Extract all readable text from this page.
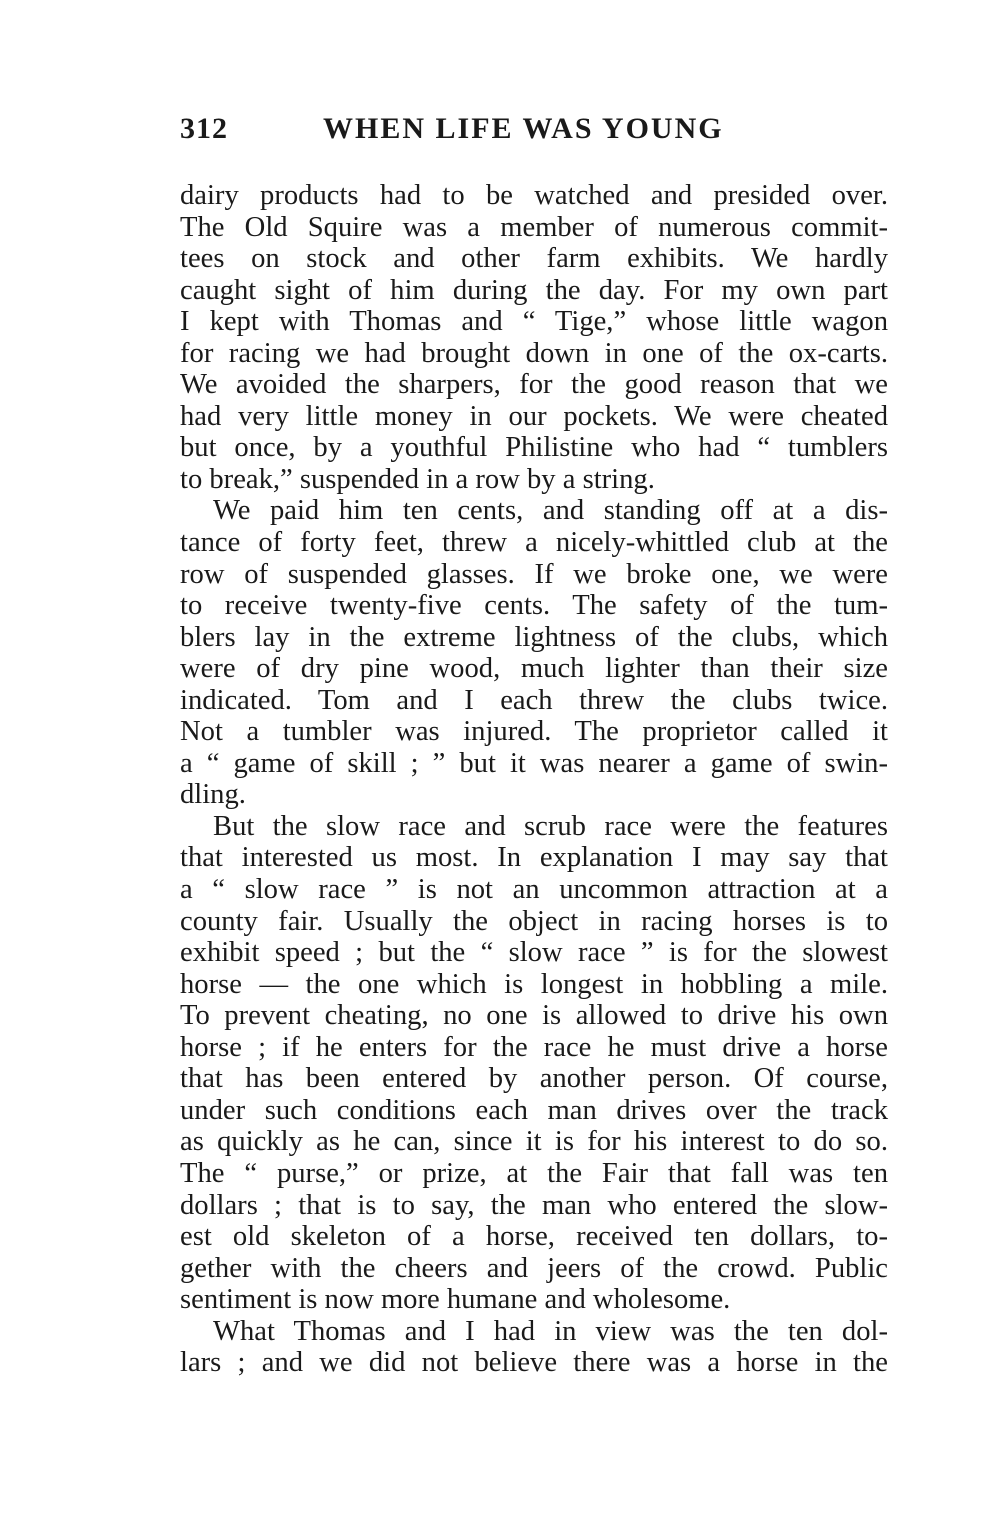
312	WHEN LIFE WAS YOUNG
dairy products had to be watched and presided over.
The Old Squire was a member of numerous commit-
tees on stock and other farm exhibits. We hardly
caught sight of him during the day. For my own part
I kept with Thomas and “ Tige,” whose little wagon
for racing we had brought down in one of the ox-carts.
We avoided the sharpers, for the good reason that we
had very little money in our pockets. We were cheated
but once, by a youthful Philistine who had “ tumblers
to break,” suspended in a row by a string.
We paid him ten cents, and standing off at a dis-
tance of forty feet, threw a nicely-whittled club at the
row of suspended glasses. If we broke one, we were
to receive twenty-five cents. The safety of the tum-
blers lay in the extreme lightness of the clubs, which
were of dry pine wood, much lighter than their size
indicated. Tom and I each threw the clubs twice.
Not a tumbler was injured. The proprietor called it
a “ game of skill ; ” but it was nearer a game of swin-
dling.
But the slow race and scrub race were the features
that interested us most. In explanation I may say that
a “ slow race ” is not an uncommon attraction at a
county fair. Usually the object in racing horses is to
exhibit speed ; but the “ slow race ” is for the slowest
horse — the one which is longest in hobbling a mile.
To prevent cheating, no one is allowed to drive his own
horse ; if he enters for the race he must drive a horse
that has been entered by another person. Of course,
under such conditions each man drives over the track
as quickly as he can, since it is for his interest to do so.
The “ purse,” or prize, at the Fair that fall was ten
dollars ; that is to say, the man who entered the slow-
est old skeleton of a horse, received ten dollars, to-
gether with the cheers and jeers of the crowd. Public
sentiment is now more humane and wholesome.
What Thomas and I had in view was the ten dol-
lars ; and we did not believe there was a horse in the
